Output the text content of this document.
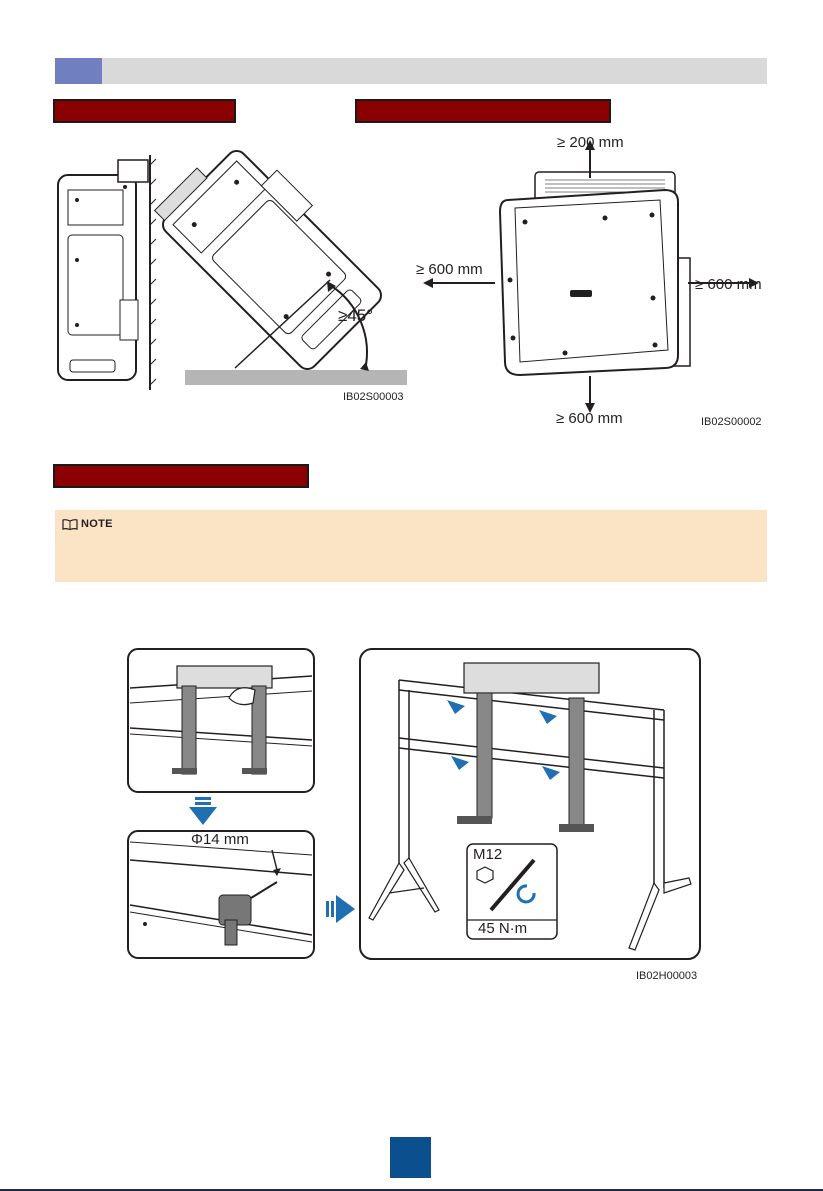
≥45°
IB02S00003
≥ 200 mm
≥ 600 mm
≥ 600 mm
≥ 600 mm	IB02S00002
NOTE
Φ14 mm
M12
45 N·m
IB02H00003
